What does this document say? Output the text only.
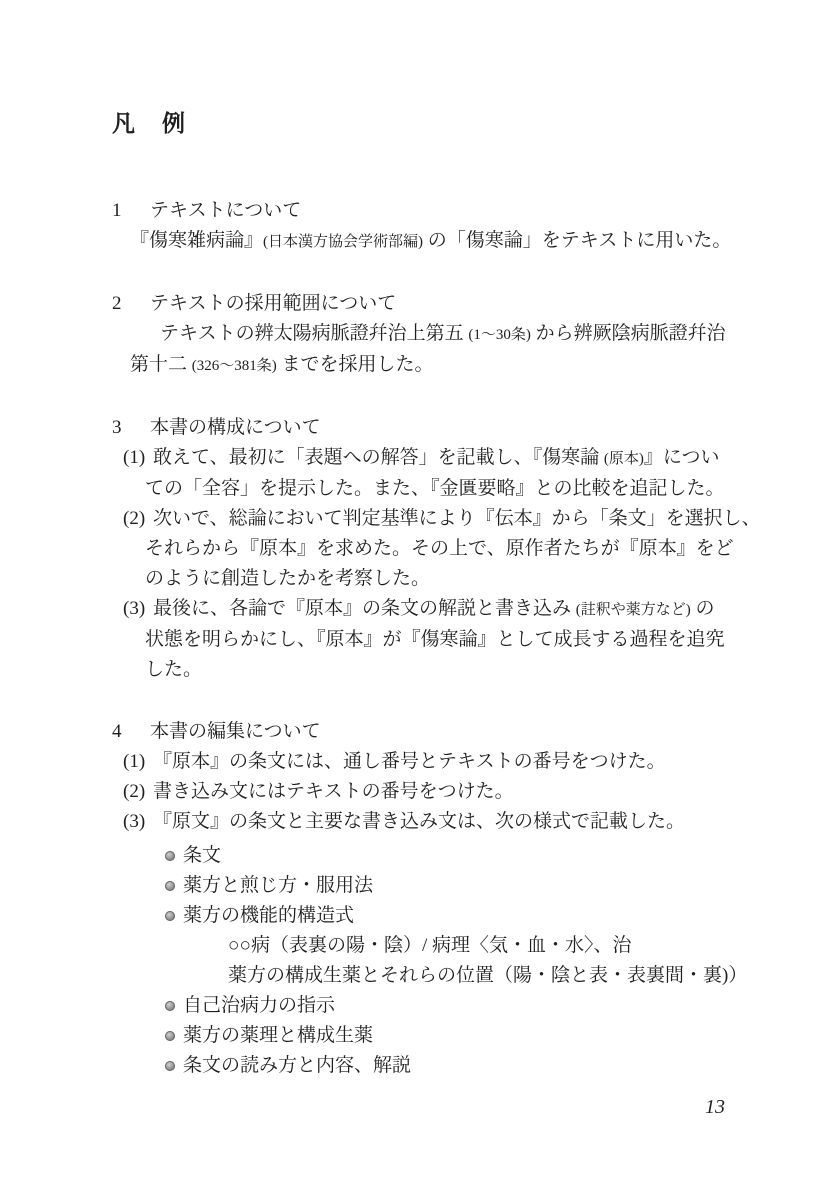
凡　例
1 テキストについて
『傷寒雑病論』(日本漢方協会学術部編) の「傷寒論」をテキストに用いた。
2 テキストの採用範囲について
テキストの辨太陽病脈證幷治上第五 (1～30条) から辨厥陰病脈證幷治
第十二 (326～381条) までを採用した。
3 本書の構成について
(1) 敢えて、最初に「表題への解答」を記載し、『傷寒論 (原本)』につい
ての「全容」を提示した。また、『金匱要略』との比較を追記した。
(2) 次いで、総論において判定基準により『伝本』から「条文」を選択し、
それらから『原本』を求めた。その上で、原作者たちが『原本』をど
のように創造したかを考察した。
(3) 最後に、各論で『原本』の条文の解説と書き込み (註釈や薬方など) の
状態を明らかにし、『原本』が『傷寒論』として成長する過程を追究
した。
4 本書の編集について
(1) 『原本』の条文には、通し番号とテキストの番号をつけた。
(2) 書き込み文にはテキストの番号をつけた。
(3) 『原文』の条文と主要な書き込み文は、次の様式で記載した。
条文
薬方と煎じ方・服用法
薬方の機能的構造式
○○病（表裏の陽・陰）/ 病理〈気・血・水〉、治
薬方の構成生薬とそれらの位置（陽・陰と表・表裏間・裏)）
自己治病力の指示
薬方の薬理と構成生薬
条文の読み方と内容、解説
13
